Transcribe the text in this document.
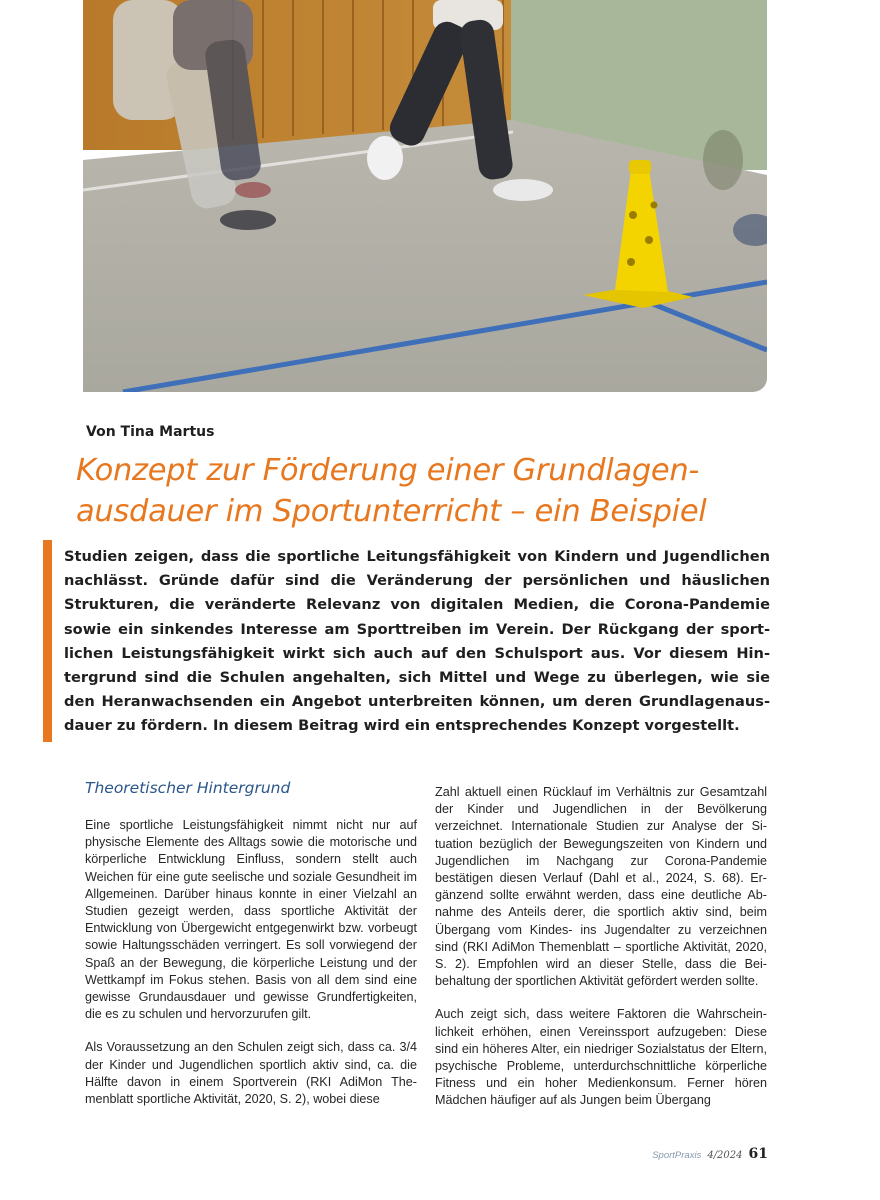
Von Tina Martus
Konzept zur Förderung einer Grundlagen-
ausdauer im Sportunterricht – ein Beispiel

Studien zeigen, dass die sportliche Leitungsfähigkeit von Kindern und Jugendlichen nachlässt. Gründe dafür sind die Veränderung der persönlichen und häuslichen Strukturen, die veränderte Relevanz von digitalen Medien, die Corona-Pandemie sowie ein sinkendes Interesse am Sporttreiben im Verein. Der Rückgang der sportlichen Leistungsfähigkeit wirkt sich auch auf den Schulsport aus. Vor diesem Hintergrund sind die Schulen angehalten, sich Mittel und Wege zu überlegen, wie sie den Heranwachsenden ein Angebot unterbreiten können, um deren Grundlagenausdauer zu fördern. In diesem Beitrag wird ein entsprechendes Konzept vorgestellt.

Theoretischer Hintergrund

Eine sportliche Leistungsfähigkeit nimmt nicht nur auf physische Elemente des Alltags sowie die motorische und körperliche Entwicklung Einfluss, sondern stellt auch Weichen für eine gute seelische und soziale Gesundheit im Allgemeinen. Darüber hinaus konnte in einer Vielzahl an Studien gezeigt werden, dass sportliche Aktivität der Entwicklung von Übergewicht entgegenwirkt bzw. vorbeugt sowie Haltungsschäden verringert. Es soll vorwiegend der Spaß an der Bewegung, die körperliche Leistung und der Wettkampf im Fokus stehen. Basis von all dem sind eine gewisse Grundausdauer und gewisse Grundfertigkeiten, die es zu schulen und hervorzurufen gilt.

Als Voraussetzung an den Schulen zeigt sich, dass ca. 3/4 der Kinder und Jugendlichen sportlich aktiv sind, ca. die Hälfte davon in einem Sportverein (RKI AdiMon Themenblatt sportliche Aktivität, 2020, S. 2), wobei diese

Zahl aktuell einen Rücklauf im Verhältnis zur Gesamtzahl der Kinder und Jugendlichen in der Bevölkerung verzeichnet. Internationale Studien zur Analyse der Situation bezüglich der Bewegungszeiten von Kindern und Jugendlichen im Nachgang zur Corona-Pandemie bestätigen diesen Verlauf (Dahl et al., 2024, S. 68). Ergänzend sollte erwähnt werden, dass eine deutliche Abnahme des Anteils derer, die sportlich aktiv sind, beim Übergang vom Kindes- ins Jugendalter zu verzeichnen sind (RKI AdiMon Themenblatt – sportliche Aktivität, 2020, S. 2). Empfohlen wird an dieser Stelle, dass die Beibehaltung der sportlichen Aktivität gefördert werden sollte.

Auch zeigt sich, dass weitere Faktoren die Wahrscheinlichkeit erhöhen, einen Vereinssport aufzugeben: Diese sind ein höheres Alter, ein niedriger Sozialstatus der Eltern, psychische Probleme, unterdurchschnittliche körperliche Fitness und ein hoher Medienkonsum. Ferner hören Mädchen häufiger auf als Jungen beim Übergang

SportPraxis 4/2024 61
